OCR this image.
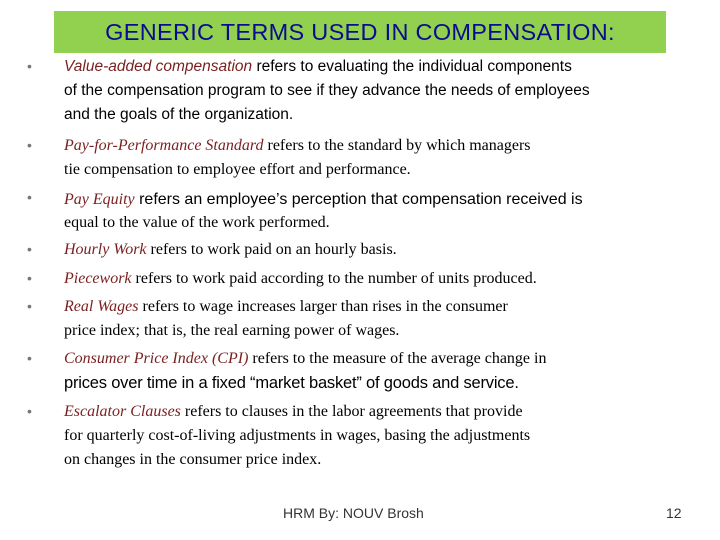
GENERIC TERMS USED IN COMPENSATION:
• Value-added compensation refers to evaluating the individual components
of the compensation program to see if they advance the needs of employees
and the goals of the organization.
• Pay-for-Performance Standard refers to the standard by which managers
tie compensation to employee effort and performance.
• Pay Equity refers an employee’s perception that compensation received is
equal to the value of the work performed.
• Hourly Work refers to work paid on an hourly basis.
• Piecework refers to work paid according to the number of units produced.
• Real Wages refers to wage increases larger than rises in the consumer
price index; that is, the real earning power of wages.
• Consumer Price Index (CPI) refers to the measure of the average change in
prices over time in a fixed “market basket” of goods and service.
• Escalator Clauses refers to clauses in the labor agreements that provide
for quarterly cost-of-living adjustments in wages, basing the adjustments
on changes in the consumer price index.
HRM By: NOUV Brosh	12
